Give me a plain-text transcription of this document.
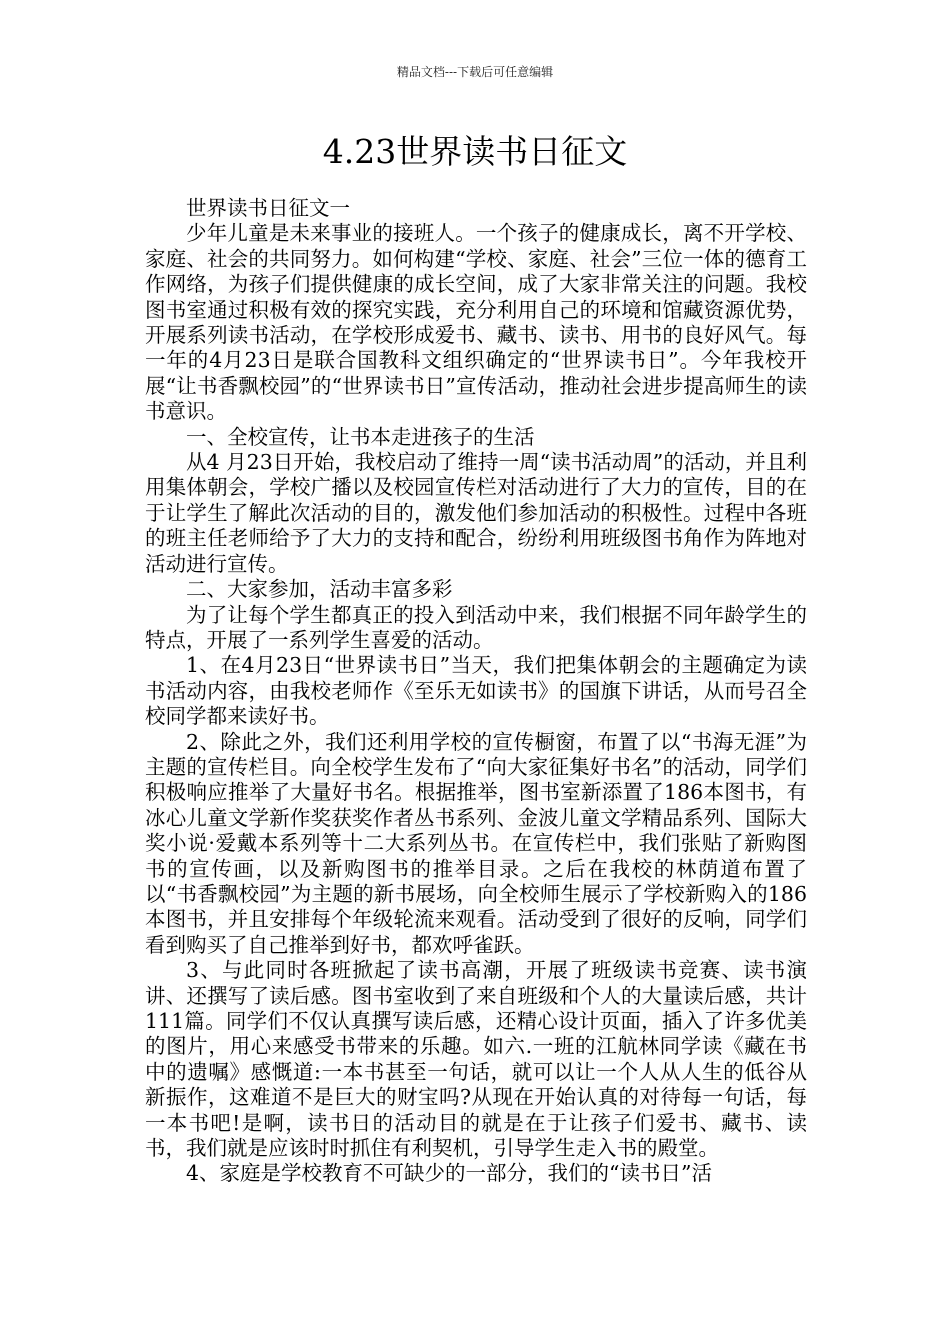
精品文档---下载后可任意编辑
4.23世界读书日征文

世界读书日征文一

少年儿童是未来事业的接班人。一个孩子的健康成长，离不开学校、家庭、社会的共同努力。如何构建“学校、家庭、社会”三位一体的德育工作网络，为孩子们提供健康的成长空间，成了大家非常关注的问题。我校图书室通过积极有效的探究实践，充分利用自己的环境和馆藏资源优势，开展系列读书活动，在学校形成爱书、藏书、读书、用书的良好风气。每一年的4月23日是联合国教科文组织确定的“世界读书日”。今年我校开展“让书香飘校园”的“世界读书日”宣传活动，推动社会进步提高师生的读书意识。

一、全校宣传，让书本走进孩子的生活

从4 月23日开始，我校启动了维持一周“读书活动周”的活动，并且利用集体朝会，学校广播以及校园宣传栏对活动进行了大力的宣传，目的在于让学生了解此次活动的目的，激发他们参加活动的积极性。过程中各班的班主任老师给予了大力的支持和配合，纷纷利用班级图书角作为阵地对活动进行宣传。

二、大家参加，活动丰富多彩

为了让每个学生都真正的投入到活动中来，我们根据不同年龄学生的特点，开展了一系列学生喜爱的活动。

1、在4月23日“世界读书日”当天，我们把集体朝会的主题确定为读书活动内容，由我校老师作《至乐无如读书》的国旗下讲话，从而号召全校同学都来读好书。

2、除此之外，我们还利用学校的宣传橱窗，布置了以“书海无涯”为主题的宣传栏目。向全校学生发布了“向大家征集好书名”的活动，同学们积极响应推举了大量好书名。根据推举，图书室新添置了186本图书，有冰心儿童文学新作奖获奖作者丛书系列、金波儿童文学精品系列、国际大奖小说·爱戴本系列等十二大系列丛书。在宣传栏中，我们张贴了新购图书的宣传画，以及新购图书的推举目录。之后在我校的林荫道布置了以“书香飘校园”为主题的新书展场，向全校师生展示了学校新购入的186本图书，并且安排每个年级轮流来观看。活动受到了很好的反响，同学们看到购买了自己推举到好书，都欢呼雀跃。

3、与此同时各班掀起了读书高潮，开展了班级读书竞赛、读书演讲、还撰写了读后感。图书室收到了来自班级和个人的大量读后感，共计111篇。同学们不仅认真撰写读后感，还精心设计页面，插入了许多优美的图片，用心来感受书带来的乐趣。如六.一班的江航林同学读《藏在书中的遗嘱》感慨道:一本书甚至一句话，就可以让一个人从人生的低谷从新振作，这难道不是巨大的财宝吗?从现在开始认真的对待每一句话，每一本书吧!是啊，读书日的活动目的就是在于让孩子们爱书、藏书、读书，我们就是应该时时抓住有利契机，引导学生走入书的殿堂。

4、家庭是学校教育不可缺少的一部分，我们的“读书日”活
